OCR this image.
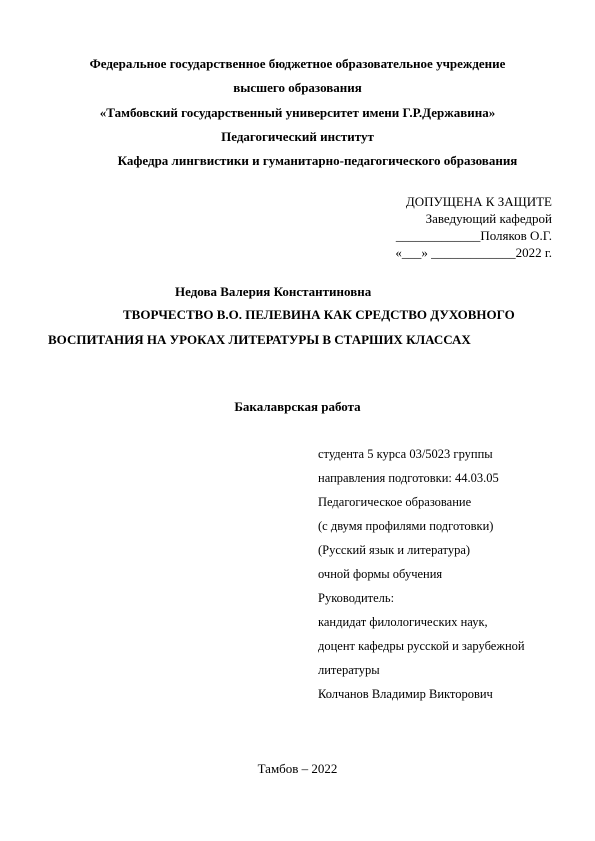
Федеральное государственное бюджетное образовательное учреждение
высшего образования
«Тамбовский государственный университет имени Г.Р.Державина»
Педагогический институт
Кафедра лингвистики и гуманитарно-педагогического образования
ДОПУЩЕНА К ЗАЩИТЕ
Заведующий кафедрой
_____________Поляков О.Г.
«___» _____________2022 г.
Недова Валерия Константиновна
ТВОРЧЕСТВО В.О. ПЕЛЕВИНА КАК СРЕДСТВО ДУХОВНОГО
ВОСПИТАНИЯ НА УРОКАХ ЛИТЕРАТУРЫ В СТАРШИХ КЛАССАХ
Бакалаврская работа
студента 5 курса 03/5023 группы
направления подготовки: 44.03.05
Педагогическое образование
(с двумя профилями подготовки)
(Русский язык и литература)
очной формы обучения
Руководитель:
кандидат филологических наук,
доцент кафедры русской и зарубежной
литературы
Колчанов Владимир Викторович
Тамбов – 2022
